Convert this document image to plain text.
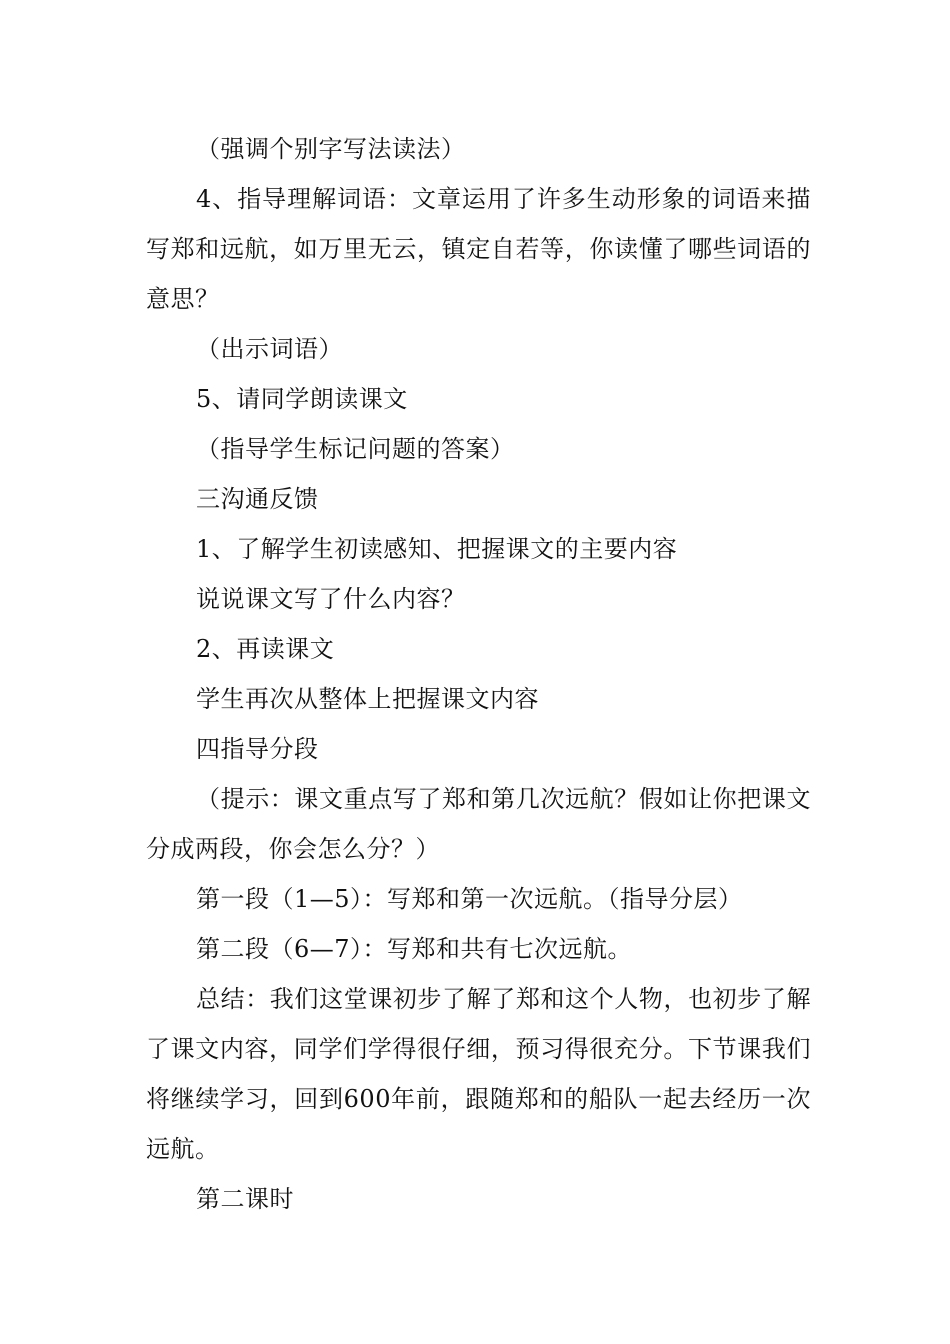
（强调个别字写法读法）

4、指导理解词语：文章运用了许多生动形象的词语来描写郑和远航，如万里无云，镇定自若等，你读懂了哪些词语的意思？

（出示词语）

5、请同学朗读课文

（指导学生标记问题的答案）

三沟通反馈

1、了解学生初读感知、把握课文的主要内容

说说课文写了什么内容？

2、再读课文

学生再次从整体上把握课文内容

四指导分段

（提示：课文重点写了郑和第几次远航？假如让你把课文分成两段，你会怎么分？）

第一段（1—5）：写郑和第一次远航。（指导分层）

第二段（6—7）：写郑和共有七次远航。

总结：我们这堂课初步了解了郑和这个人物，也初步了解了课文内容，同学们学得很仔细，预习得很充分。下节课我们将继续学习，回到600年前，跟随郑和的船队一起去经历一次远航。

第二课时
